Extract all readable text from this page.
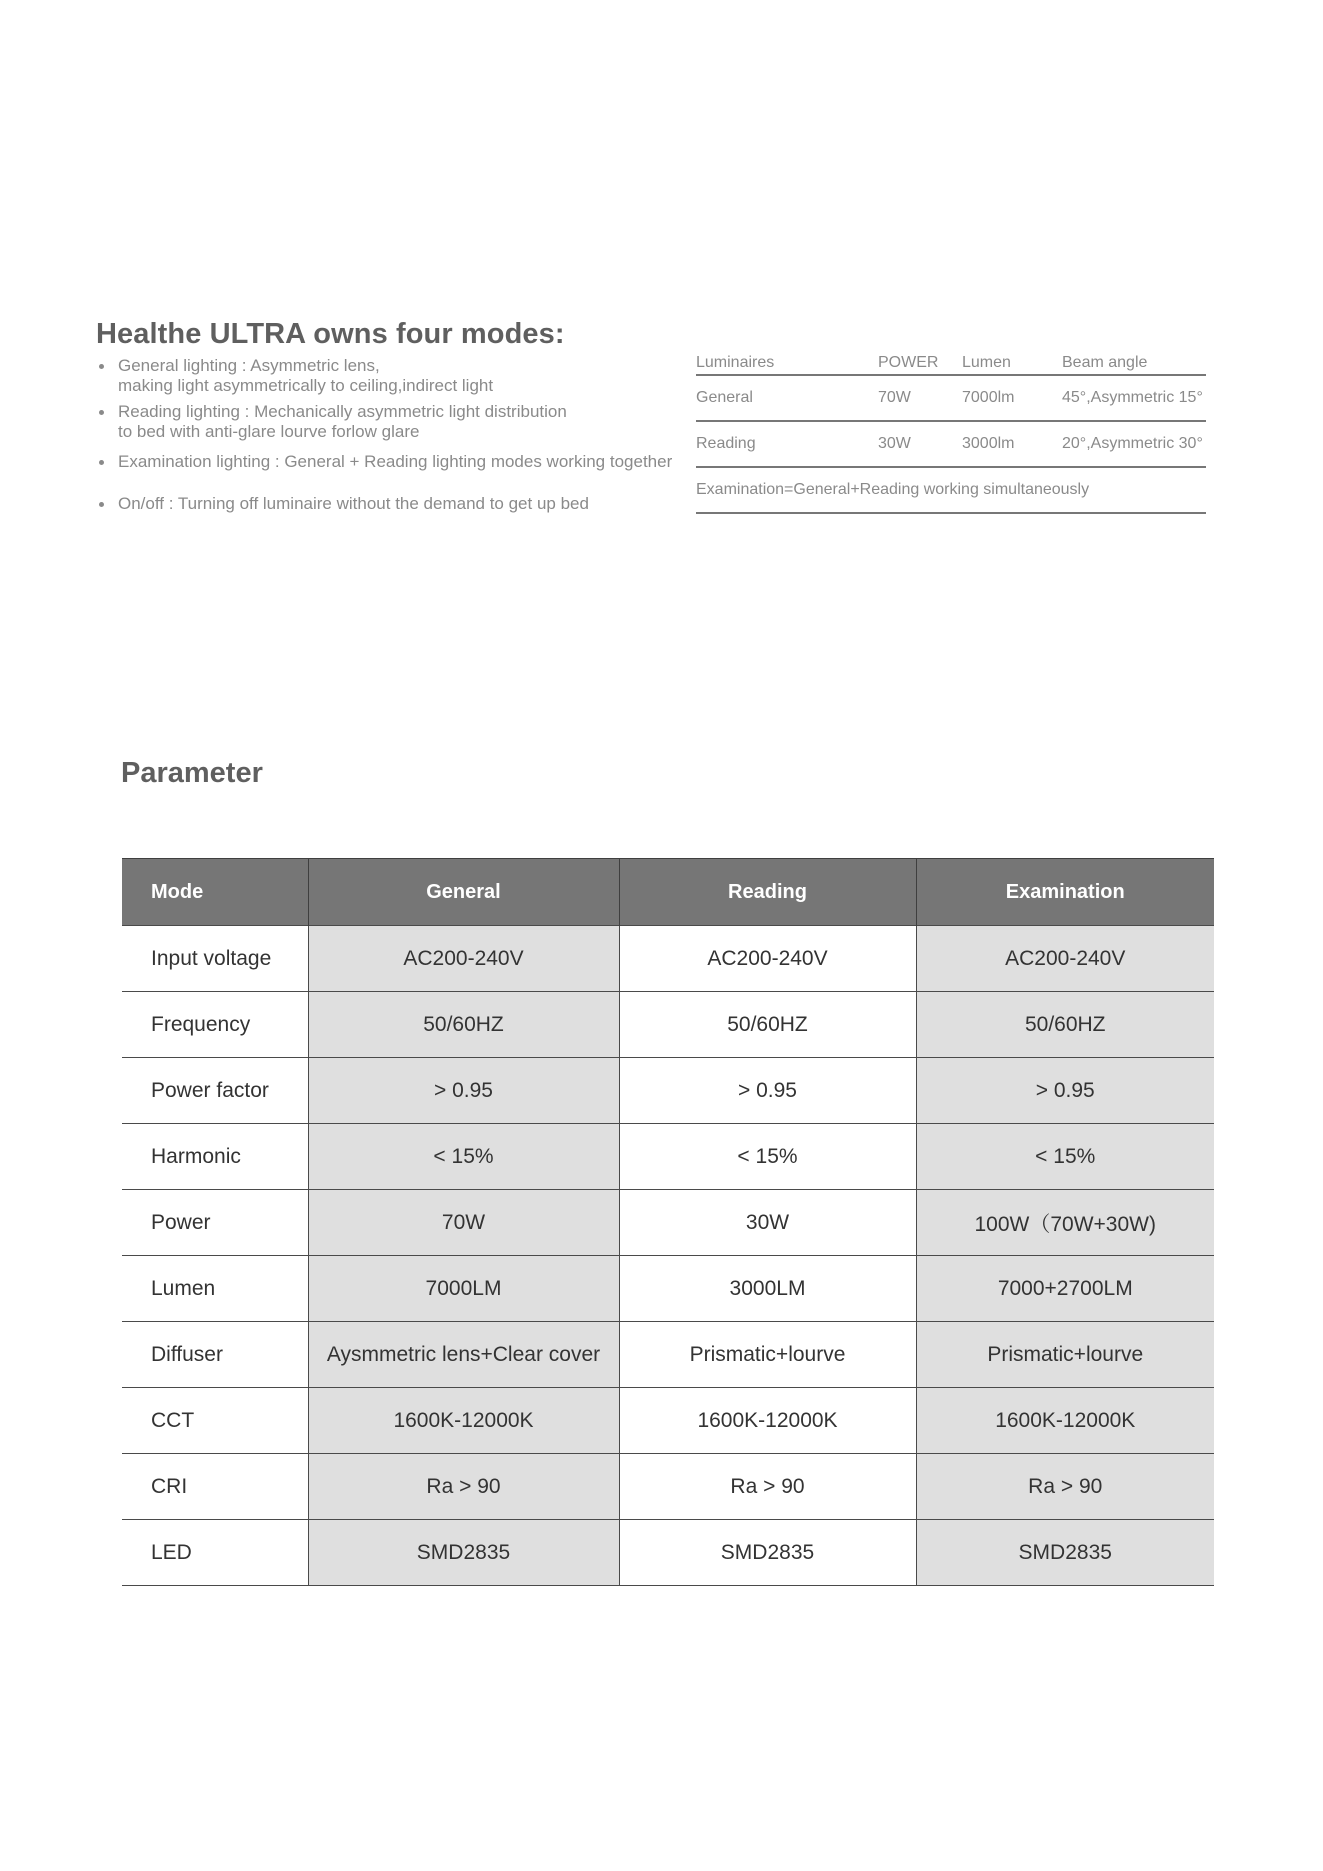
Healthe ULTRA owns four modes:
General lighting : Asymmetric lens,
making light asymmetrically to ceiling,indirect light
Reading lighting : Mechanically asymmetric light distribution
to bed with anti-glare lourve forlow glare
Examination lighting : General + Reading lighting modes working together
On/off : Turning off luminaire without the demand to get up bed
Luminaires	POWER	Lumen	Beam angle
General	70W	7000lm	45°,Asymmetric 15°
Reading	30W	3000lm	20°,Asymmetric 30°
Examination=General+Reading working simultaneously			
Parameter
Mode	General	Reading	Examination
Input voltage	AC200-240V	AC200-240V	AC200-240V
Frequency	50/60HZ	50/60HZ	50/60HZ
Power factor	> 0.95	> 0.95	> 0.95
Harmonic	< 15%	< 15%	< 15%
Power	70W	30W	100W（70W+30W)
Lumen	7000LM	3000LM	7000+2700LM
Diffuser	Aysmmetric lens+Clear cover	Prismatic+lourve	Prismatic+lourve
CCT	1600K-12000K	1600K-12000K	1600K-12000K
CRI	Ra > 90	Ra > 90	Ra > 90
LED	SMD2835	SMD2835	SMD2835
